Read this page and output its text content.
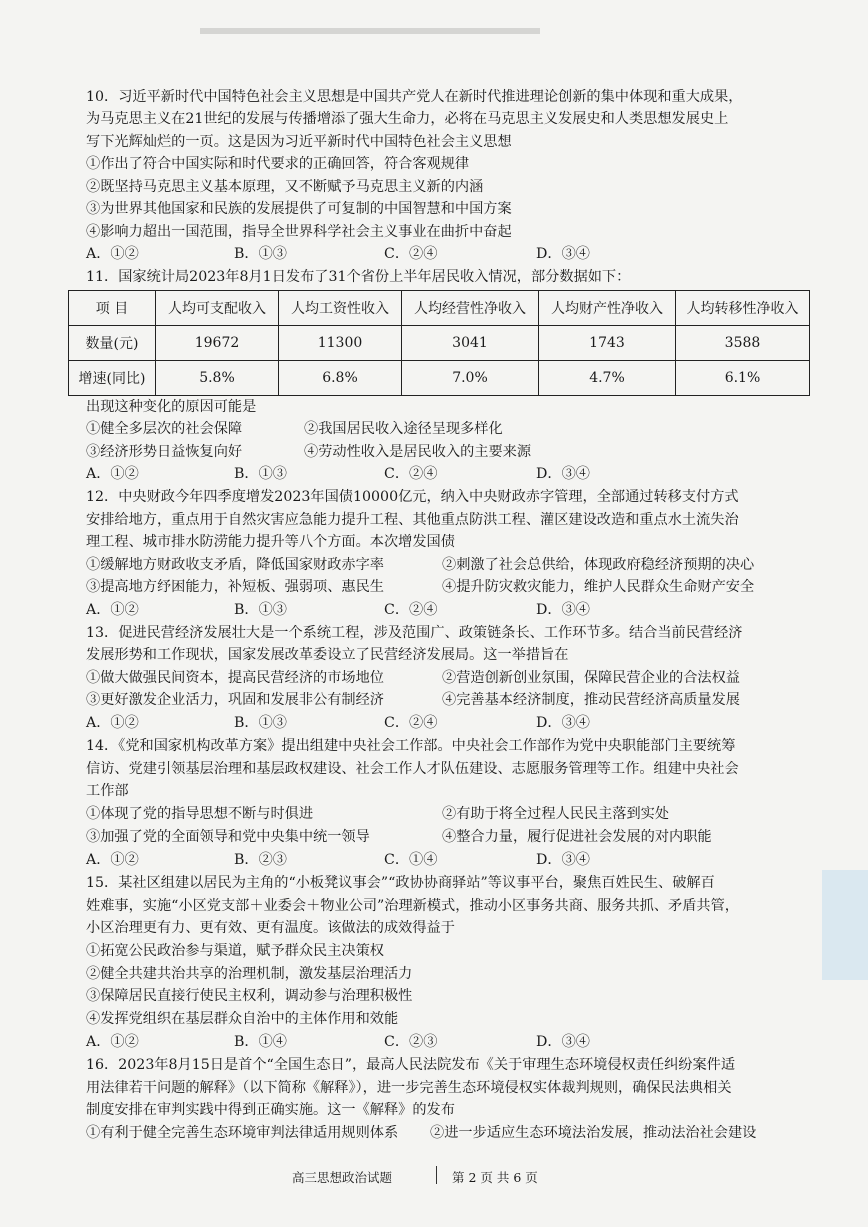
10．习近平新时代中国特色社会主义思想是中国共产党人在新时代推进理论创新的集中体现和重大成果，
为马克思主义在21世纪的发展与传播增添了强大生命力，必将在马克思主义发展史和人类思想发展史上
写下光辉灿烂的一页。这是因为习近平新时代中国特色社会主义思想
①作出了符合中国实际和时代要求的正确回答，符合客观规律
②既坚持马克思主义基本原理，又不断赋予马克思主义新的内涵
③为世界其他国家和民族的发展提供了可复制的中国智慧和中国方案
④影响力超出一国范围，指导全世界科学社会主义事业在曲折中奋起
A．①②	B．①③	C．②④	D．③④
11．国家统计局2023年8月1日发布了31个省份上半年居民收入情况，部分数据如下：
项 目	人均可支配收入	人均工资性收入	人均经营性净收入	人均财产性净收入	人均转移性净收入
数量(元)	19672	11300	3041	1743	3588
增速(同比)	5.8%	6.8%	7.0%	4.7%	6.1%
出现这种变化的原因可能是
①健全多层次的社会保障	②我国居民收入途径呈现多样化
③经济形势日益恢复向好	④劳动性收入是居民收入的主要来源
A．①②	B．①③	C．②④	D．③④
12．中央财政今年四季度增发2023年国债10000亿元，纳入中央财政赤字管理，全部通过转移支付方式
安排给地方，重点用于自然灾害应急能力提升工程、其他重点防洪工程、灌区建设改造和重点水土流失治
理工程、城市排水防涝能力提升等八个方面。本次增发国债
①缓解地方财政收支矛盾，降低国家财政赤字率	②刺激了社会总供给，体现政府稳经济预期的决心
③提高地方纾困能力，补短板、强弱项、惠民生	④提升防灾救灾能力，维护人民群众生命财产安全
A．①②	B．①③	C．②④	D．③④
13．促进民营经济发展壮大是一个系统工程，涉及范围广、政策链条长、工作环节多。结合当前民营经济
发展形势和工作现状，国家发展改革委设立了民营经济发展局。这一举措旨在
①做大做强民间资本，提高民营经济的市场地位	②营造创新创业氛围，保障民营企业的合法权益
③更好激发企业活力，巩固和发展非公有制经济	④完善基本经济制度，推动民营经济高质量发展
A．①②	B．①③	C．②④	D．③④
14．《党和国家机构改革方案》提出组建中央社会工作部。中央社会工作部作为党中央职能部门主要统筹
信访、党建引领基层治理和基层政权建设、社会工作人才队伍建设、志愿服务管理等工作。组建中央社会
工作部
①体现了党的指导思想不断与时俱进	②有助于将全过程人民民主落到实处
③加强了党的全面领导和党中央集中统一领导	④整合力量，履行促进社会发展的对内职能
A．①②	B．②③	C．①④	D．③④
15．某社区组建以居民为主角的“小板凳议事会”“政协协商驿站”等议事平台，聚焦百姓民生、破解百
姓难事，实施“小区党支部＋业委会＋物业公司”治理新模式，推动小区事务共商、服务共抓、矛盾共管，
小区治理更有力、更有效、更有温度。该做法的成效得益于
①拓宽公民政治参与渠道，赋予群众民主决策权
②健全共建共治共享的治理机制，激发基层治理活力
③保障居民直接行使民主权利，调动参与治理积极性
④发挥党组织在基层群众自治中的主体作用和效能
A．①②	B．①④	C．②③	D．③④
16．2023年8月15日是首个“全国生态日”，最高人民法院发布《关于审理生态环境侵权责任纠纷案件适
用法律若干问题的解释》（以下简称《解释》），进一步完善生态环境侵权实体裁判规则，确保民法典相关
制度安排在审判实践中得到正确实施。这一《解释》的发布
①有利于健全完善生态环境审判法律适用规则体系 ②进一步适应生态环境法治发展，推动法治社会建设
高三思想政治试题	第 2 页 共 6 页
